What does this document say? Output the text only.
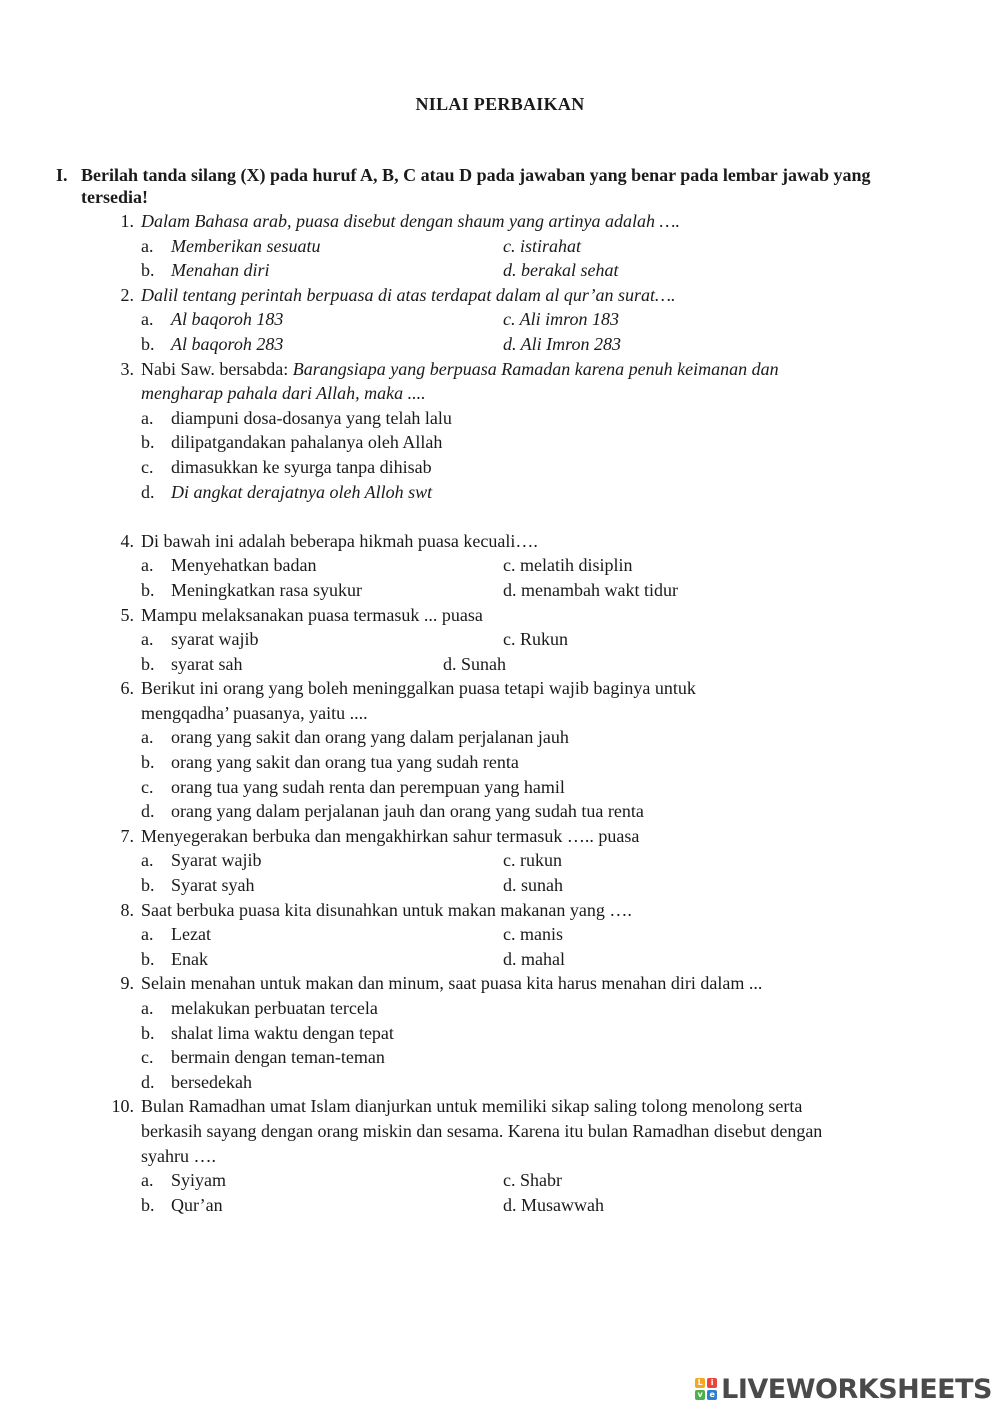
NILAI PERBAIKAN
I. Berilah tanda silang (X) pada huruf A, B, C atau D pada jawaban yang benar pada lembar jawab yang tersedia!
1. Dalam Bahasa arab, puasa disebut dengan shaum yang artinya adalah ….
a. Memberikan sesuatu	c. istirahat
b. Menahan diri	d. berakal sehat
2. Dalil tentang perintah berpuasa di atas terdapat dalam al qur’an surat….
a. Al baqoroh 183	c. Ali imron 183
b. Al baqoroh 283	d. Ali Imron 283
3. Nabi Saw. bersabda: Barangsiapa yang berpuasa Ramadan karena penuh keimanan dan
mengharap pahala dari Allah, maka ....
a. diampuni dosa-dosanya yang telah lalu
b. dilipatgandakan pahalanya oleh Allah
c. dimasukkan ke syurga tanpa dihisab
d. Di angkat derajatnya oleh Alloh swt
4. Di bawah ini adalah beberapa hikmah puasa kecuali….
a. Menyehatkan badan	c. melatih disiplin
b. Meningkatkan rasa syukur	d. menambah wakt tidur
5. Mampu melaksanakan puasa termasuk ... puasa
a. syarat wajib	c. Rukun
b. syarat sah	d. Sunah
6. Berikut ini orang yang boleh meninggalkan puasa tetapi wajib baginya untuk
mengqadha’ puasanya, yaitu ....
a. orang yang sakit dan orang yang dalam perjalanan jauh
b. orang yang sakit dan orang tua yang sudah renta
c. orang tua yang sudah renta dan perempuan yang hamil
d. orang yang dalam perjalanan jauh dan orang yang sudah tua renta
7. Menyegerakan berbuka dan mengakhirkan sahur termasuk ….. puasa
a. Syarat wajib	c. rukun
b. Syarat syah	d. sunah
8. Saat berbuka puasa kita disunahkan untuk makan makanan yang ….
a. Lezat	c. manis
b. Enak	d. mahal
9. Selain menahan untuk makan dan minum, saat puasa kita harus menahan diri dalam ...
a. melakukan perbuatan tercela
b. shalat lima waktu dengan tepat
c. bermain dengan teman-teman
d. bersedekah
10. Bulan Ramadhan umat Islam dianjurkan untuk memiliki sikap saling tolong menolong serta
berkasih sayang dengan orang miskin dan sesama. Karena itu bulan Ramadhan disebut dengan
syahru ….
a. Syiyam	c. Shabr
b. Qur’an	d. Musawwah
L	i
v e LIVEWORKSHEETS
